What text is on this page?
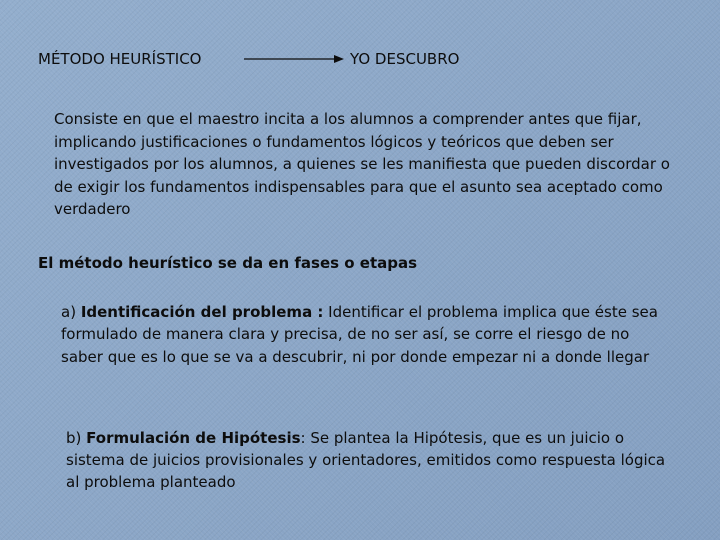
MÉTODO HEURÍSTICO	YO DESCUBRO
Consiste en que el maestro incita a los alumnos a comprender antes que fijar, implicando justificaciones o fundamentos lógicos y teóricos que deben ser investigados por los alumnos, a quienes se les manifiesta que pueden discordar o de exigir los fundamentos indispensables para que el asunto sea aceptado como verdadero
El método heurístico se da en fases o etapas
a) Identificación del problema : Identificar el problema implica que éste sea formulado de manera clara y precisa, de no ser así, se corre el riesgo de no saber que es lo que se va a descubrir, ni por donde empezar ni a donde llegar
b) Formulación de Hipótesis: Se plantea la Hipótesis, que es un juicio o sistema de juicios provisionales y orientadores, emitidos como respuesta lógica al problema planteado
